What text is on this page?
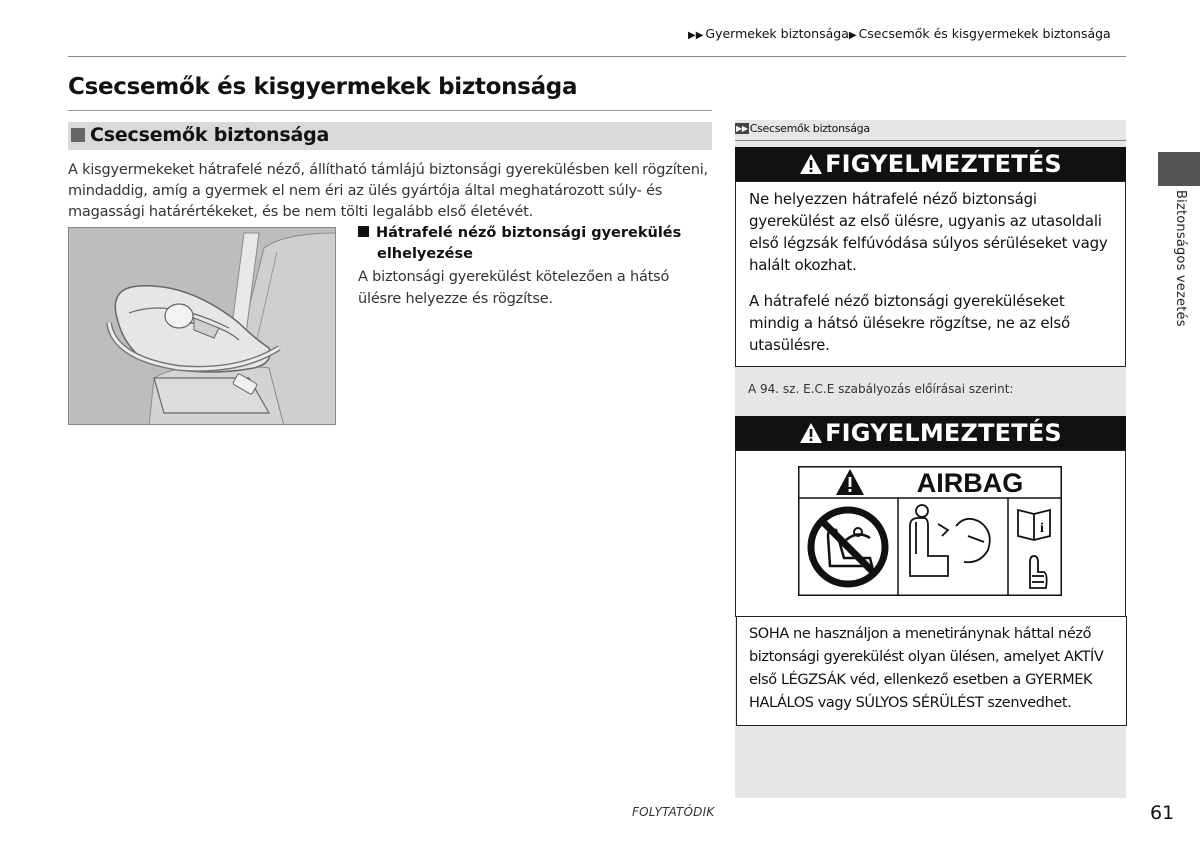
▶▶ Gyermekek biztonsága▶ Csecsemők és kisgyermekek biztonsága
Csecsemők és kisgyermekek biztonsága
Csecsemők biztonsága
A kisgyermekeket hátrafelé néző, állítható támlájú biztonsági gyerekülésben kell rögzíteni, mindaddig, amíg a gyermek el nem éri az ülés gyártója által meghatározott súly- és magassági határértékeket, és be nem tölti legalább első életévét.
Hátrafelé néző biztonsági gyerekülés
elhelyezése
A biztonsági gyerekülést kötelezően a hátsó ülésre helyezze és rögzítse.
▶▶ Csecsemők biztonsága
FIGYELMEZTETÉS

Ne helyezzen hátrafelé néző biztonsági gyerekülést az első ülésre, ugyanis az utasoldali első légzsák felfúvódása súlyos sérüléseket vagy halált okozhat.

A hátrafelé néző biztonsági gyereküléseket mindig a hátsó ülésekre rögzítse, ne az első utasülésre.

A 94. sz. E.C.E szabályozás előírásai szerint:
FIGYELMEZTETÉS
AIRBAG
i
SOHA ne használjon a menetiránynak háttal néző biztonsági gyerekülést olyan ülésen, amelyet AKTÍV első LÉGZSÁK véd, ellenkező esetben a GYERMEK HALÁLOS vagy SÚLYOS SÉRÜLÉST szenvedhet.
Biztonságos vezetés
FOLYTATÓDIK	61
